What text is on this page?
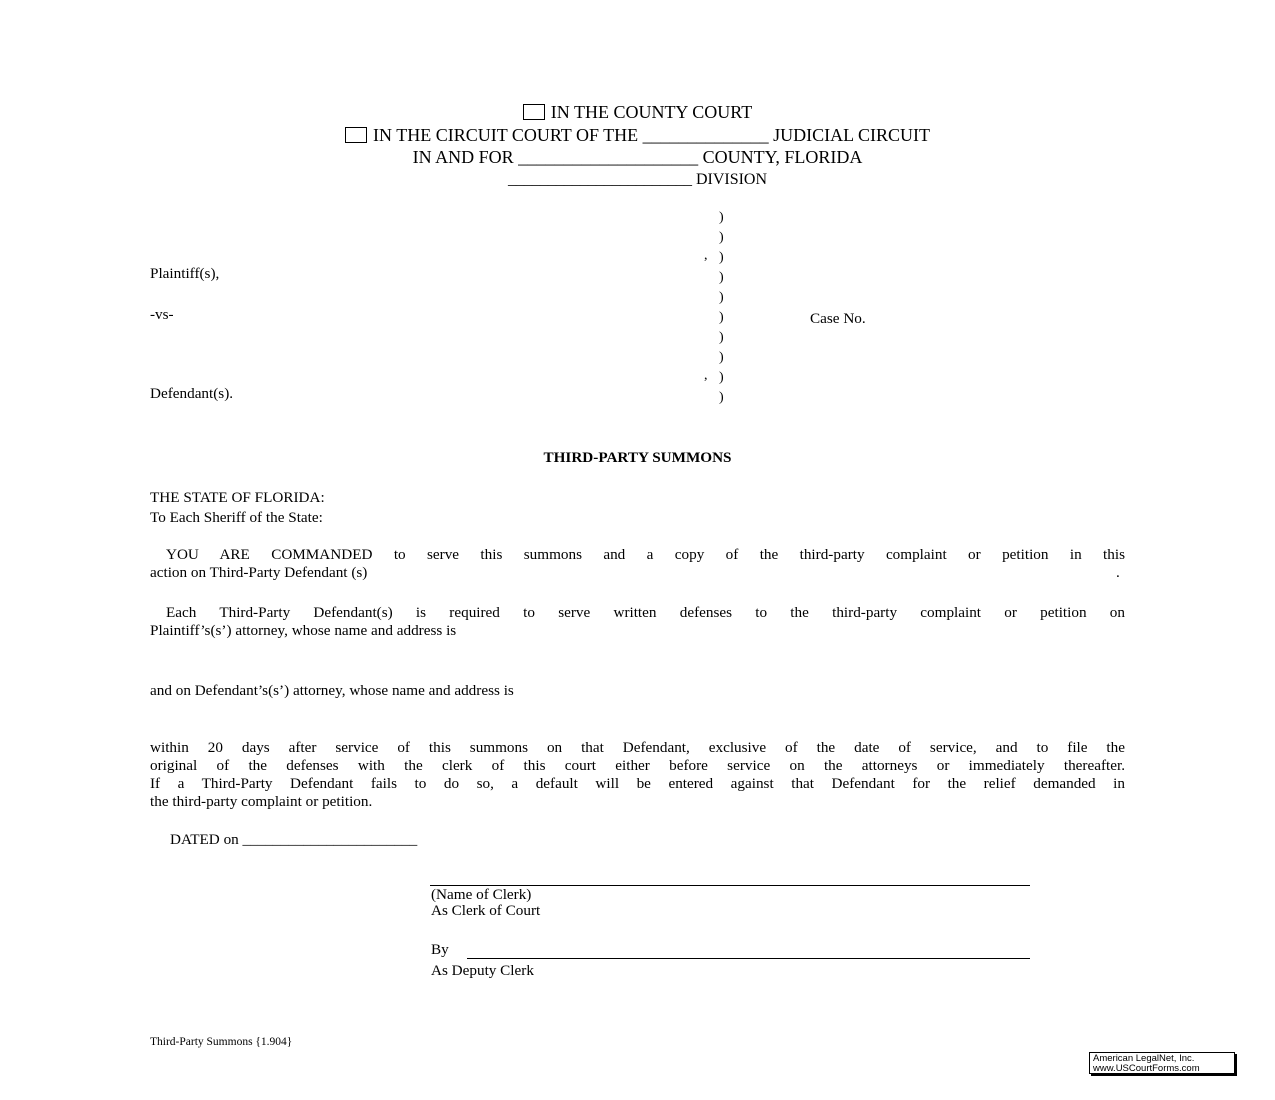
IN THE COUNTY COURT
IN THE CIRCUIT COURT OF THE ______________ JUDICIAL CIRCUIT
IN AND FOR ____________________ COUNTY, FLORIDA
_______________________ DIVISION
)
)
)
)
)
)
)
)
)
)
,
,
Plaintiff(s),
-vs-
Defendant(s).
Case No.
THIRD-PARTY SUMMONS
THE STATE OF FLORIDA:
To Each Sheriff of the State:
YOU ARE COMMANDED to serve this summons and a copy of the third-party complaint or petition in this
action on Third-Party Defendant (s)	.
Each Third-Party Defendant(s) is required to serve written defenses to the third-party complaint or petition on
Plaintiff’s(s’) attorney, whose name and address is
and on Defendant’s(s’) attorney, whose name and address is
within 20 days after service of this summons on that Defendant, exclusive of the date of service, and to file the
original of the defenses with the clerk of this court either before service on the attorneys or immediately thereafter.
If a Third-Party Defendant fails to do so, a default will be entered against that Defendant for the relief demanded in
the third-party complaint or petition.
DATED on _______________________
(Name of Clerk)
As Clerk of Court
By
As Deputy Clerk
Third-Party Summons {1.904}
American LegalNet, Inc.
www.USCourtForms.com
